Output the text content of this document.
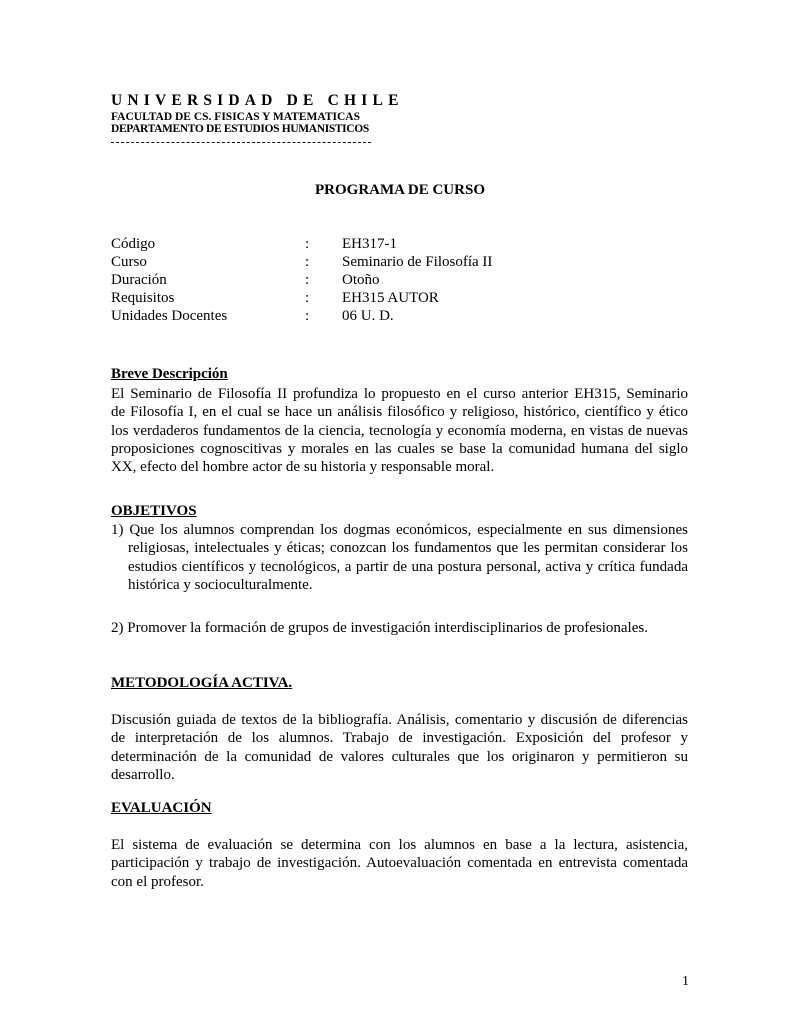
UNIVERSIDAD DE CHILE
FACULTAD DE CS. FISICAS Y MATEMATICAS
DEPARTAMENTO DE ESTUDIOS HUMANISTICOS
PROGRAMA DE CURSO
Código	: EH317-1
Curso	: Seminario de Filosofía II
Duración	: Otoño
Requisitos	: EH315 AUTOR
Unidades Docentes	: 06 U. D.
Breve Descripción
El Seminario de Filosofía II profundiza lo propuesto en el curso anterior EH315, Seminario
de Filosofía I, en el cual se hace un análisis filosófico y religioso, histórico, científico y ético
los verdaderos fundamentos de la ciencia, tecnología y economía moderna, en vistas de nuevas
proposiciones cognoscitivas y morales en las cuales se base la comunidad humana del siglo
XX, efecto del hombre actor de su historia y responsable moral.
OBJETIVOS
1) Que los alumnos comprendan los dogmas económicos, especialmente en sus dimensiones
religiosas, intelectuales y éticas; conozcan los fundamentos que les permitan considerar los
estudios científicos y tecnológicos, a partir de una postura personal, activa y crítica fundada
histórica y socioculturalmente.
2) Promover la formación de grupos de investigación interdisciplinarios de profesionales.
METODOLOGÍA ACTIVA.
Discusión guiada de textos de la bibliografía. Análisis, comentario y discusión de diferencias
de interpretación de los alumnos. Trabajo de investigación. Exposición del profesor y
determinación de la comunidad de valores culturales que los originaron y permitieron su
desarrollo.
EVALUACIÓN
El sistema de evaluación se determina con los alumnos en base a la lectura, asistencia,
participación y trabajo de investigación. Autoevaluación comentada en entrevista comentada
con el profesor.
1
